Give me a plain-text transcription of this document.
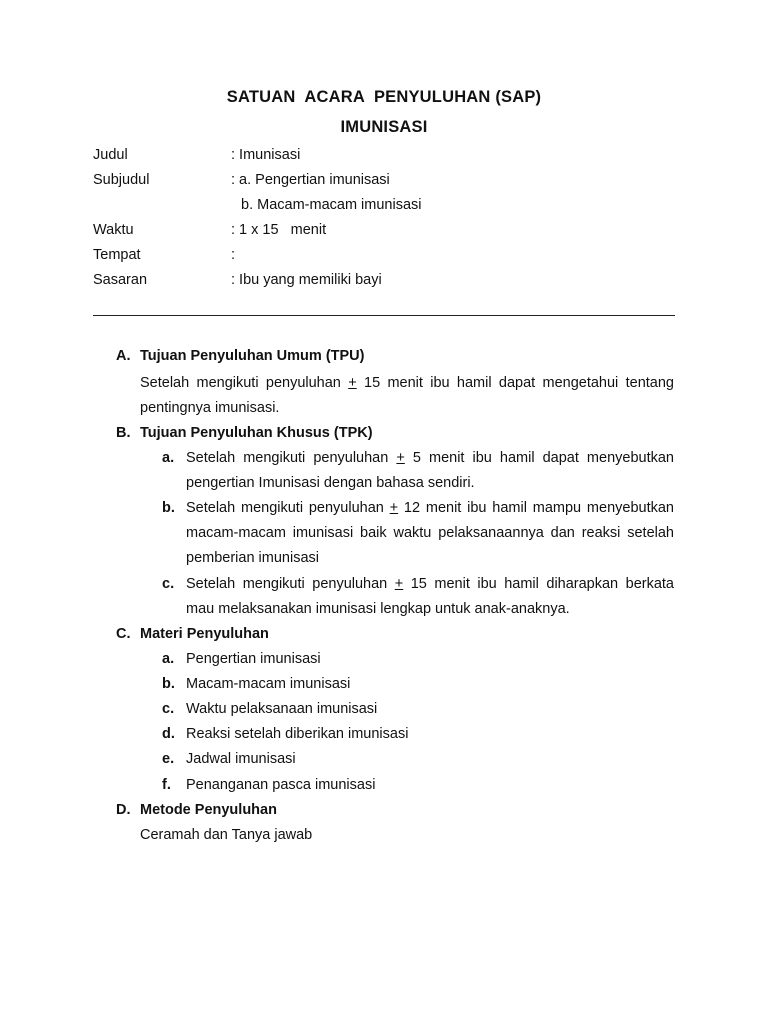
SATUAN  ACARA  PENYULUHAN (SAP)
IMUNISASI
Judul	: Imunisasi
Subjudul	: a. Pengertian imunisasi
b. Macam-macam imunisasi
Waktu	: 1 x 15   menit
Tempat	:
Sasaran	: Ibu yang memiliki bayi
A. Tujuan Penyuluhan Umum (TPU)
Setelah mengikuti penyuluhan + 15 menit ibu hamil dapat mengetahui tentang pentingnya imunisasi.
B. Tujuan Penyuluhan Khusus (TPK)
a. Setelah mengikuti penyuluhan + 5 menit ibu hamil dapat menyebutkan pengertian Imunisasi dengan bahasa sendiri.
b. Setelah mengikuti penyuluhan + 12 menit ibu hamil mampu menyebutkan macam-macam imunisasi baik waktu pelaksanaannya dan reaksi setelah pemberian imunisasi
c. Setelah mengikuti penyuluhan + 15 menit ibu hamil diharapkan berkata mau melaksanakan imunisasi lengkap untuk anak-anaknya.
C. Materi Penyuluhan
a. Pengertian imunisasi
b. Macam-macam imunisasi
c. Waktu pelaksanaan imunisasi
d. Reaksi setelah diberikan imunisasi
e. Jadwal imunisasi
f. Penanganan pasca imunisasi
D. Metode Penyuluhan
Ceramah dan Tanya jawab
